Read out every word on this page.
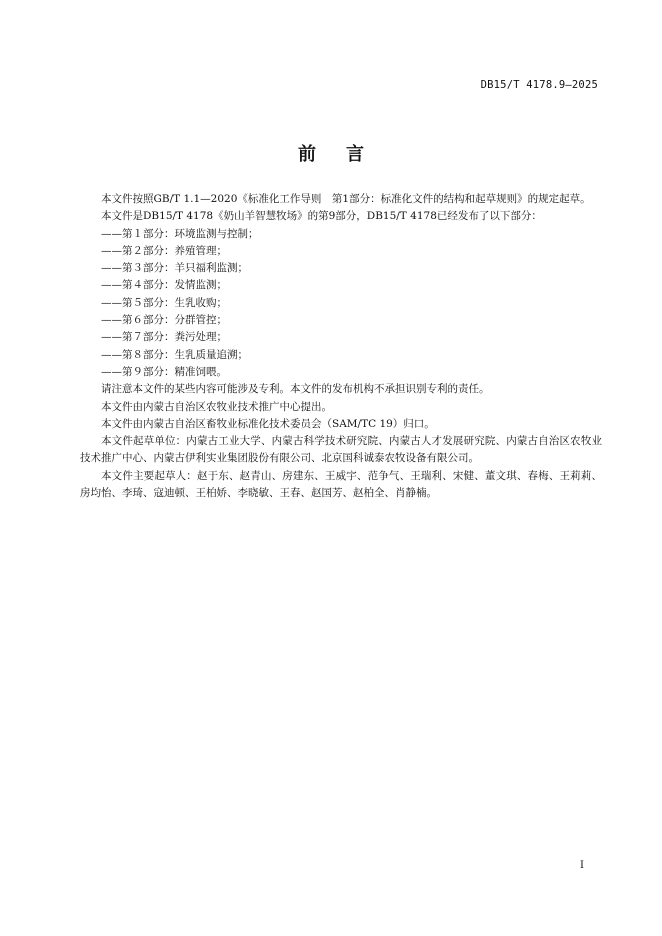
DB15/T 4178.9—2025
前言

本文件按照GB/T 1.1—2020《标准化工作导则　第1部分：标准化文件的结构和起草规则》的规定起草。

本文件是DB15/T 4178《奶山羊智慧牧场》的第9部分，DB15/T 4178已经发布了以下部分：

——第１部分：环境监测与控制；
——第２部分：养殖管理；
——第３部分：羊只福利监测；
——第４部分：发情监测；
——第５部分：生乳收购；
——第６部分：分群管控；
——第７部分：粪污处理；
——第８部分：生乳质量追溯；
——第９部分：精准饲喂。

请注意本文件的某些内容可能涉及专利。本文件的发布机构不承担识别专利的责任。

本文件由内蒙古自治区农牧业技术推广中心提出。

本文件由内蒙古自治区畜牧业标准化技术委员会（SAM/TC 19）归口。

本文件起草单位：内蒙古工业大学、内蒙古科学技术研究院、内蒙古人才发展研究院、内蒙古自治区农牧业技术推广中心、内蒙古伊利实业集团股份有限公司、北京国科诚泰农牧设备有限公司。

本文件主要起草人：赵于东、赵青山、房建东、王威宇、范争气、王瑞利、宋健、董文琪、春梅、王莉莉、房均怡、李琦、寇迪顿、王柏娇、李晓敏、王春、赵国芳、赵柏全、肖静楠。

I
